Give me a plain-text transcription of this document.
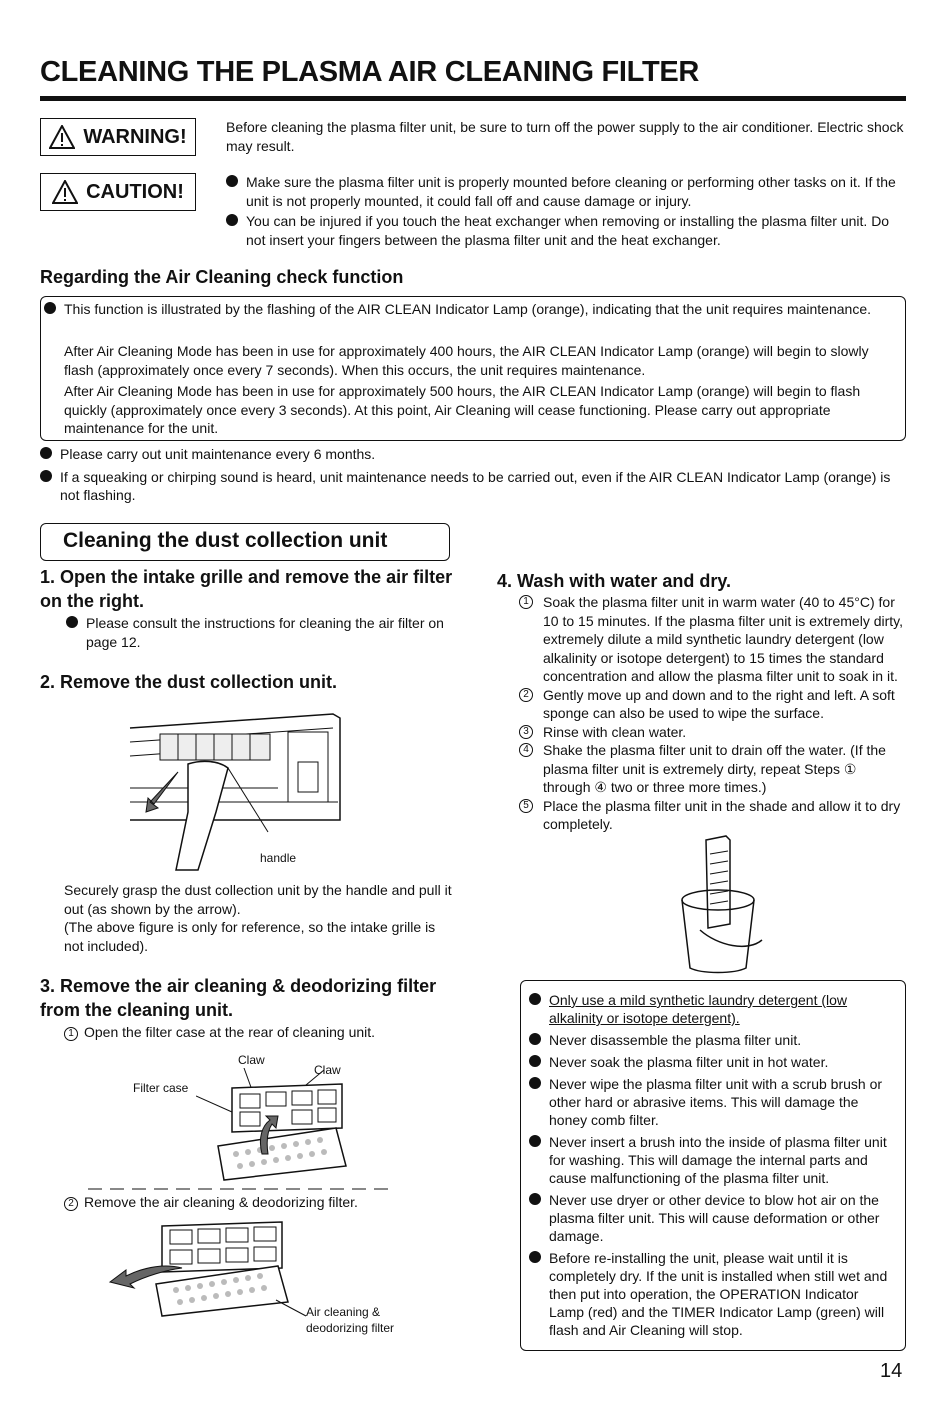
CLEANING THE PLASMA AIR CLEANING FILTER
WARNING!	Before cleaning the plasma filter unit, be sure to turn off the power supply to the air conditioner. Electric shock may result.
CAUTION!	Make sure the plasma filter unit is properly mounted before cleaning or performing other tasks on it. If the unit is not properly mounted, it could fall off and cause damage or injury.
You can be injured if you touch the heat exchanger when removing or installing the plasma filter unit. Do not insert your fingers between the plasma filter unit and the heat exchanger.
Regarding the Air Cleaning check function
This function is illustrated by the flashing of the AIR CLEAN Indicator Lamp (orange), indicating that the unit requires maintenance.
After Air Cleaning Mode has been in use for approximately 400 hours, the AIR CLEAN Indicator Lamp (orange) will begin to slowly flash (approximately once every 7 seconds). When this occurs, the unit requires maintenance.
After Air Cleaning Mode has been in use for approximately 500 hours, the AIR CLEAN Indicator Lamp (orange) will begin to flash quickly (approximately once every 3 seconds). At this point, Air Cleaning will cease functioning. Please carry out appropriate maintenance for the unit.
Please carry out unit maintenance every 6 months.
If a squeaking or chirping sound is heard, unit maintenance needs to be carried out, even if the AIR CLEAN Indicator Lamp (orange) is not flashing.
Cleaning the dust collection unit
1. Open the intake grille and remove the air filter on the right.
Please consult the instructions for cleaning the air filter on page 12.
2. Remove the dust collection unit.
handle
Securely grasp the dust collection unit by the handle and pull it out (as shown by the arrow).
(The above figure is only for reference, so the intake grille is not included).
3. Remove the air cleaning & deodorizing filter from the cleaning unit.
1 Open the filter case at the rear of cleaning unit.
Claw
Claw
Filter case
2 Remove the air cleaning & deodorizing filter.
Air cleaning & deodorizing filter
4. Wash with water and dry.
1	Soak the plasma filter unit in warm water (40 to 45°C) for 10 to 15 minutes. If the plasma filter unit is extremely dirty, extremely dilute a mild synthetic laundry detergent (low alkalinity or isotope detergent) to 15 times the standard concentration and allow the plasma filter unit to soak in it.
2	Gently move up and down and to the right and left. A soft sponge can also be used to wipe the surface.
3	Rinse with clean water.
4	Shake the plasma filter unit to drain off the water. (If the plasma filter unit is extremely dirty, repeat Steps ① through ④ two or three more times.)
5	Place the plasma filter unit in the shade and allow it to dry completely.
Only use a mild synthetic laundry detergent (low alkalinity or isotope detergent).
Never disassemble the plasma filter unit.
Never soak the plasma filter unit in hot water.
Never wipe the plasma filter unit with a scrub brush or other hard or abrasive items. This will damage the honey comb filter.
Never insert a brush into the inside of plasma filter unit for washing. This will damage the internal parts and cause malfunctioning of the plasma filter unit.
Never use dryer or other device to blow hot air on the plasma filter unit. This will cause deformation or other damage.
Before re-installing the unit, please wait until it is completely dry. If the unit is installed when still wet and then put into operation, the OPERATION Indicator Lamp (red) and the TIMER Indicator Lamp (green) will flash and Air Cleaning will stop.
14
